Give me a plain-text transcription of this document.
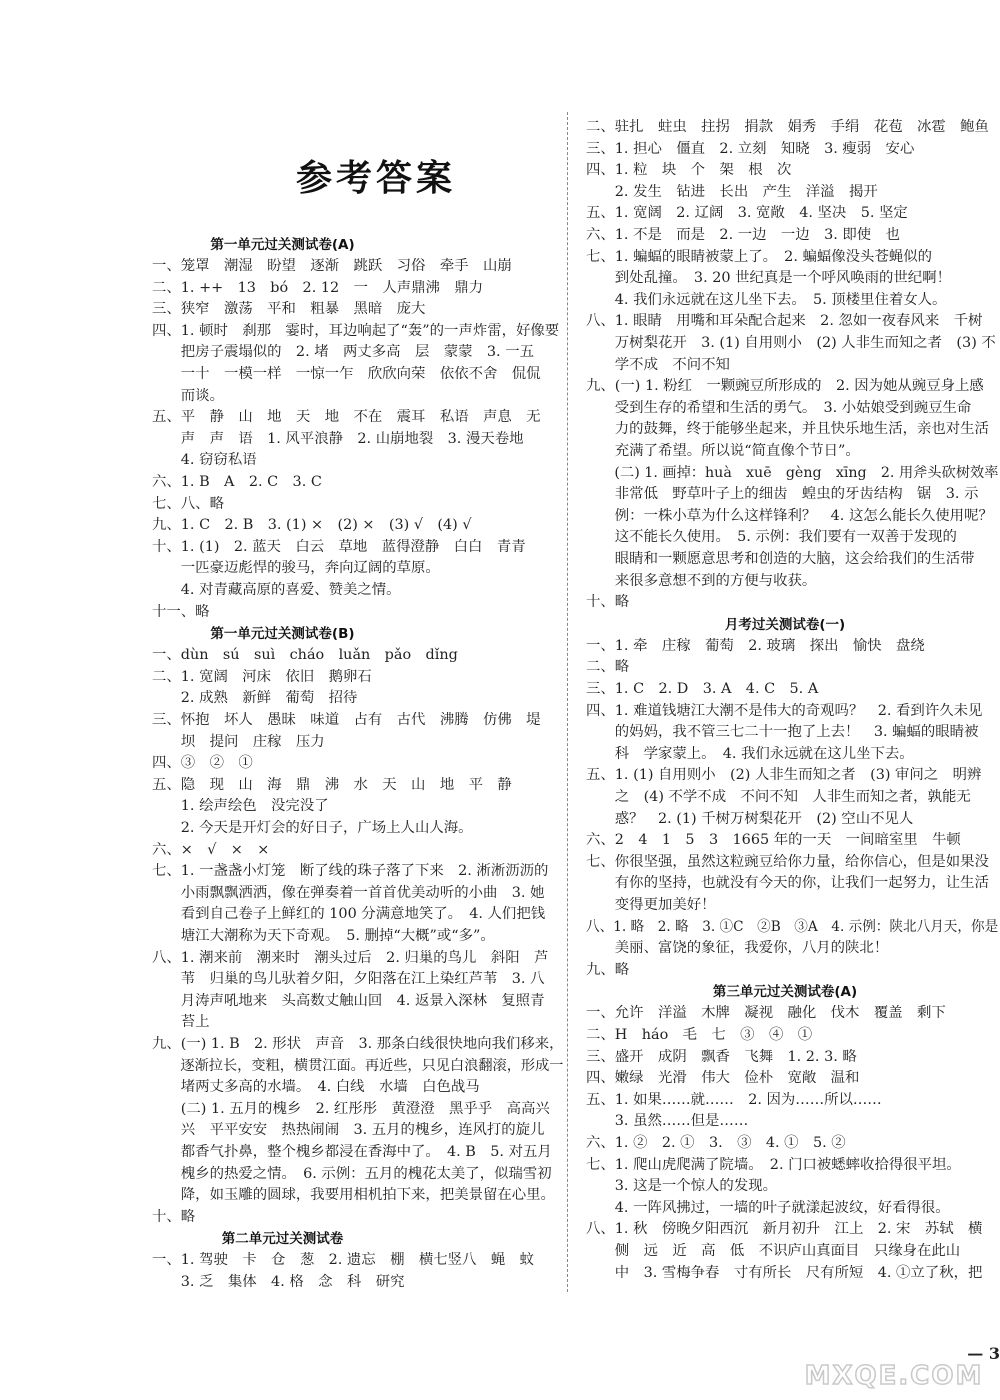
参考答案
第一单元过关测试卷(A)
一、笼罩　潮湿　盼望　逐渐　跳跃　习俗　牵手　山崩
二、1. ++　13　bó　2. 12　一　人声鼎沸　鼎力
三、狭窄　激荡　平和　粗暴　黑暗　庞大
四、1. 顿时　刹那　霎时，耳边响起了“轰”的一声炸雷，好像要
　　把房子震塌似的　2. 堵　两丈多高　层　蒙蒙　3. 一五
　　一十　一模一样　一惊一乍　欣欣向荣　依依不舍　侃侃
　　而谈。
五、平　静　山　地　天　地　不在　震耳　私语　声息　无
　　声　声　语　1. 风平浪静　2. 山崩地裂　3. 漫天卷地
　　4. 窃窃私语
六、1. B　A　2. C　3. C
七、八、略
九、1. C　2. B　3. (1) ×　(2) ×　(3) √　(4) √
十、1. (1)　2. 蓝天　白云　草地　蓝得澄静　白白　青青
　　一匹豪迈彪悍的骏马，奔向辽阔的草原。
　　4. 对青藏高原的喜爱、赞美之情。
十一、略
第一单元过关测试卷(B)
一、dùn　sú　suì　cháo　luǎn　pǎo　dǐng
二、1. 宽阔　河床　依旧　鹅卵石
　　2. 成熟　新鲜　葡萄　招待
三、怀抱　坏人　愚昧　味道　占有　古代　沸腾　仿佛　堤
　　坝　提问　庄稼　压力
四、③　②　①
五、隐　现　山　海　鼎　沸　水　天　山　地　平　静
　　1. 绘声绘色　没完没了
　　2. 今天是开灯会的好日子，广场上人山人海。
六、×　√　×　×
七、1. 一盏盏小灯笼　断了线的珠子落了下来　2. 淅淅沥沥的
　　小雨飘飘洒洒，像在弹奏着一首首优美动听的小曲　3. 她
　　看到自己卷子上鲜红的 100 分满意地笑了。　4. 人们把钱
　　塘江大潮称为天下奇观。　5. 删掉“大概”或“多”。
八、1. 潮来前　潮来时　潮头过后　2. 归巢的鸟儿　斜阳　芦
　　苇　归巢的鸟儿驮着夕阳，夕阳落在江上染红芦苇　3. 八
　　月涛声吼地来　头高数丈触山回　4. 返景入深林　复照青
　　苔上
九、(一) 1. B　2. 形状　声音　3. 那条白线很快地向我们移来，
　　逐渐拉长，变粗，横贯江面。再近些，只见白浪翻滚，形成一
　　堵两丈多高的水墙。　4. 白线　水墙　白色战马
　　(二) 1. 五月的槐乡　2. 红彤彤　黄澄澄　黑乎乎　高高兴
　　兴　平平安安　热热闹闹　3. 五月的槐乡，连风打的旋儿
　　都香气扑鼻，整个槐乡都浸在香海中了。　4. B　5. 对五月
　　槐乡的热爱之情。　6. 示例：五月的槐花太美了，似瑞雪初
　　降，如玉雕的圆球，我要用相机拍下来，把美景留在心里。
十、略
第二单元过关测试卷
一、1. 驾驶　卡　仓　葱　2. 遗忘　棚　横七竖八　蝇　蚊
　　3. 乏　集体　4. 格　念　科　研究
二、驻扎　蛀虫　拄拐　捐款　娟秀　手绢　花苞　冰雹　鲍鱼
三、1. 担心　僵直　2. 立刻　知晓　3. 瘦弱　安心
四、1. 粒　块　个　架　根　次
　　2. 发生　钻进　长出　产生　洋溢　揭开
五、1. 宽阔　2. 辽阔　3. 宽敞　4. 坚决　5. 坚定
六、1. 不是　而是　2. 一边　一边　3. 即使　也
七、1. 蝙蝠的眼睛被蒙上了。　2. 蝙蝠像没头苍蝇似的
　　到处乱撞。　3. 20 世纪真是一个呼风唤雨的世纪啊！
　　4. 我们永远就在这儿坐下去。　5. 顶楼里住着女人。
八、1. 眼睛　用嘴和耳朵配合起来　2. 忽如一夜春风来　千树
　　万树梨花开　3. (1) 自用则小　(2) 人非生而知之者　(3) 不
　　学不成　不问不知
九、(一) 1. 粉红　一颗豌豆所形成的　2. 因为她从豌豆身上感
　　受到生存的希望和生活的勇气。　3. 小姑娘受到豌豆生命
　　力的鼓舞，终于能够坐起来，并且快乐地生活，亲也对生活
　　充满了希望。所以说“简直像个节日”。
　　(二) 1. 画掉：huà　xuē　gèng　xīng　2. 用斧头砍树效率
　　非常低　野草叶子上的细齿　蝗虫的牙齿结构　锯　3. 示
　　例：一株小草为什么这样锋利？　4. 这怎么能长久使用呢？
　　这不能长久使用。　5. 示例：我们要有一双善于发现的
　　眼睛和一颗愿意思考和创造的大脑，这会给我们的生活带
　　来很多意想不到的方便与收获。
十、略
月考过关测试卷(一)
一、1. 牵　庄稼　葡萄　2. 玻璃　探出　愉快　盘绕
二、略
三、1. C　2. D　3. A　4. C　5. A
四、1. 难道钱塘江大潮不是伟大的奇观吗？　2. 看到许久未见
　　的妈妈，我不管三七二十一抱了上去！　3. 蝙蝠的眼睛被
　　科　学家蒙上。　4. 我们永远就在这儿坐下去。
五、1. (1) 自用则小　(2) 人非生而知之者　(3) 审问之　明辨
　　之　(4) 不学不成　不问不知　人非生而知之者，孰能无
　　惑？　2. (1) 千树万树梨花开　(2) 空山不见人
六、2　4　1　5　3　1665 年的一天　一间暗室里　牛顿
七、你很坚强，虽然这粒豌豆给你力量，给你信心，但是如果没
　　有你的坚持，也就没有今天的你，让我们一起努力，让生活
　　变得更加美好！
八、1. 略　2. 略　3. ①C　②B　③A　4. 示例：陕北八月天，你是
　　美丽、富饶的象征，我爱你，八月的陕北！
九、略
第三单元过关测试卷(A)
一、允许　洋溢　木牌　凝视　融化　伐木　覆盖　剩下
二、H　háo　毛　七　③　④　①
三、盛开　成阴　飘香　飞舞　1. 2. 3. 略
四、嫩绿　光滑　伟大　俭朴　宽敞　温和
五、1. 如果……就……　2. 因为……所以……
　　3. 虽然……但是……
六、1. ②　2. ①　3.　③　4. ①　5. ②
七、1. 爬山虎爬满了院墙。　2. 门口被蟋蟀收拾得很平坦。
　　3. 这是一个惊人的发现。
　　4. 一阵风拂过，一墙的叶子就漾起波纹，好看得很。
八、1. 秋　傍晚夕阳西沉　新月初升　江上　2. 宋　苏轼　横
　　侧　远　近　高　低　不识庐山真面目　只缘身在此山
　　中　3. 雪梅争春　寸有所长　尺有所短　4. ①立了秋，把
— 3
MXQE.COM
